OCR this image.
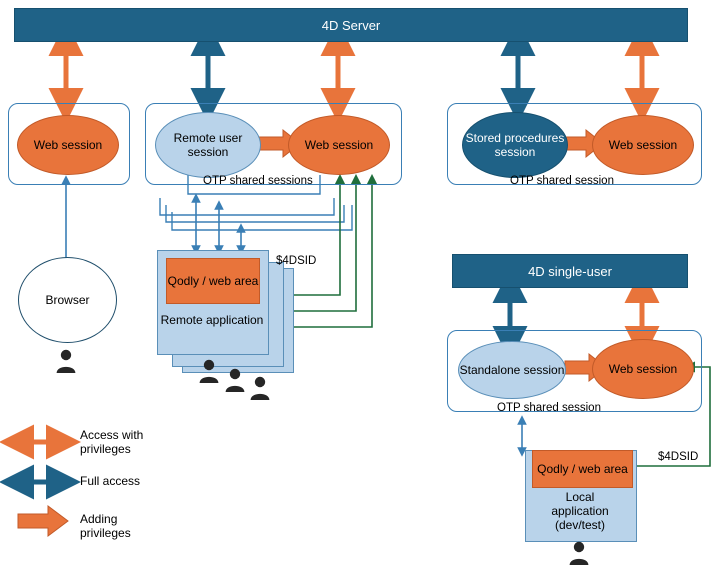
4D Server
Web session	Remote user session	Web session	Stored procedures session	Web session
OTP shared sessions	OTP shared session
Browser
Qodly / web area
Remote application
$4DSID
4D single-user
Standalone session	Web session
OTP shared session
Qodly / web area
Local
application
(dev/test)
$4DSID
Access with
privileges
Full access
Adding
privileges
